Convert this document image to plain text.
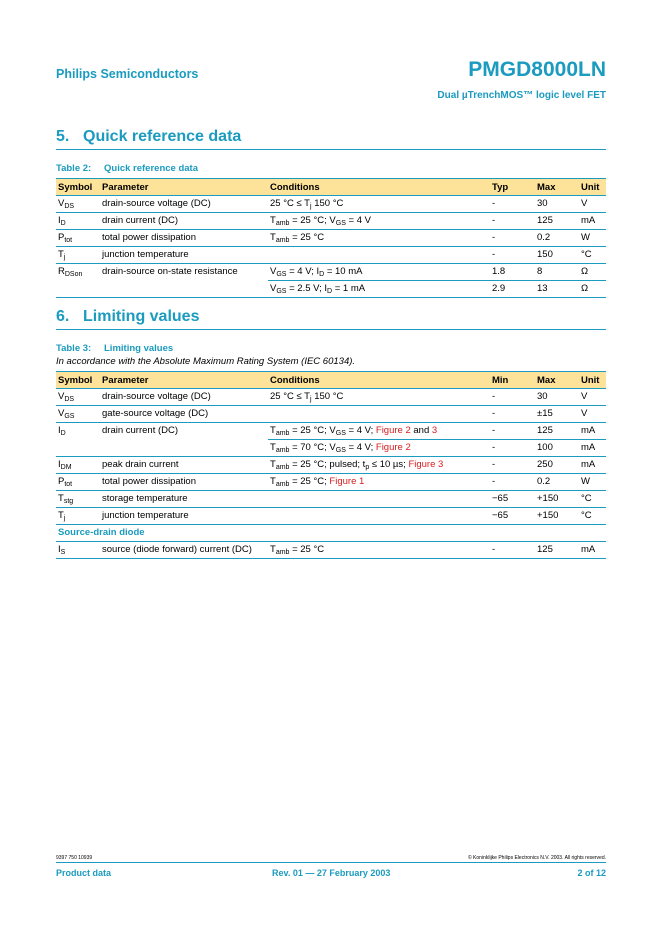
Philips Semiconductors	PMGD8000LN
Dual µTrenchMOS™ logic level FET
5. Quick reference data
Table 2: Quick reference data
Symbol	Parameter	Conditions	Typ	Max	Unit
$V_{DS}$	drain-source voltage (DC)	25 $^\circ C \le T_j$ 150 °C	-	30	V
$I_D$	drain current (DC)	$T_{amb} = 25$ °C; $V_{GS} = 4$ V	-	125	mA
$P_{tot}$	total power dissipation	$T_{amb} = 25$ °C	-	0.2	W
$T_j$	junction temperature		-	150	°C
$R_{DSon}$	drain-source on-state resistance	$V_{GS} = 4$ V; $I_D = 10$ mA	1.8	8	Ω
		$V_{GS} = 2.5$ V; $I_D = 1$ mA	2.9	13	Ω
6. Limiting values
Table 3: Limiting values
In accordance with the Absolute Maximum Rating System (IEC 60134).
Symbol	Parameter	Conditions	Min	Max	Unit
$V_{DS}$	drain-source voltage (DC)	25 $^\circ C \le T_j$ 150 °C	-	30	V
$V_{GS}$	gate-source voltage (DC)		-	±15	V
$I_D$	drain current (DC)	$T_{amb} = 25$ °C; $V_{GS} = 4$ V; Figure 2 and 3	-	125	mA
		$T_{amb} = 70$ °C; $V_{GS} = 4$ V; Figure 2	-	100	mA
$I_{DM}$	peak drain current	$T_{amb} = 25$ °C; pulsed; $t_p \le 10$ µs; Figure 3	-	250	mA
$P_{tot}$	total power dissipation	$T_{amb} = 25$ °C; Figure 1	-	0.2	W
$T_{stg}$	storage temperature		−65	+150	°C
$T_j$	junction temperature		−65	+150	°C
Source-drain diode					
$I_S$	source (diode forward) current (DC)	$T_{amb} = 25$ °C	-	125	mA
9397 750 10939	© Koninklijke Philips Electronics N.V. 2003. All rights reserved.
Product data	Rev. 01 — 27 February 2003	2 of 12
